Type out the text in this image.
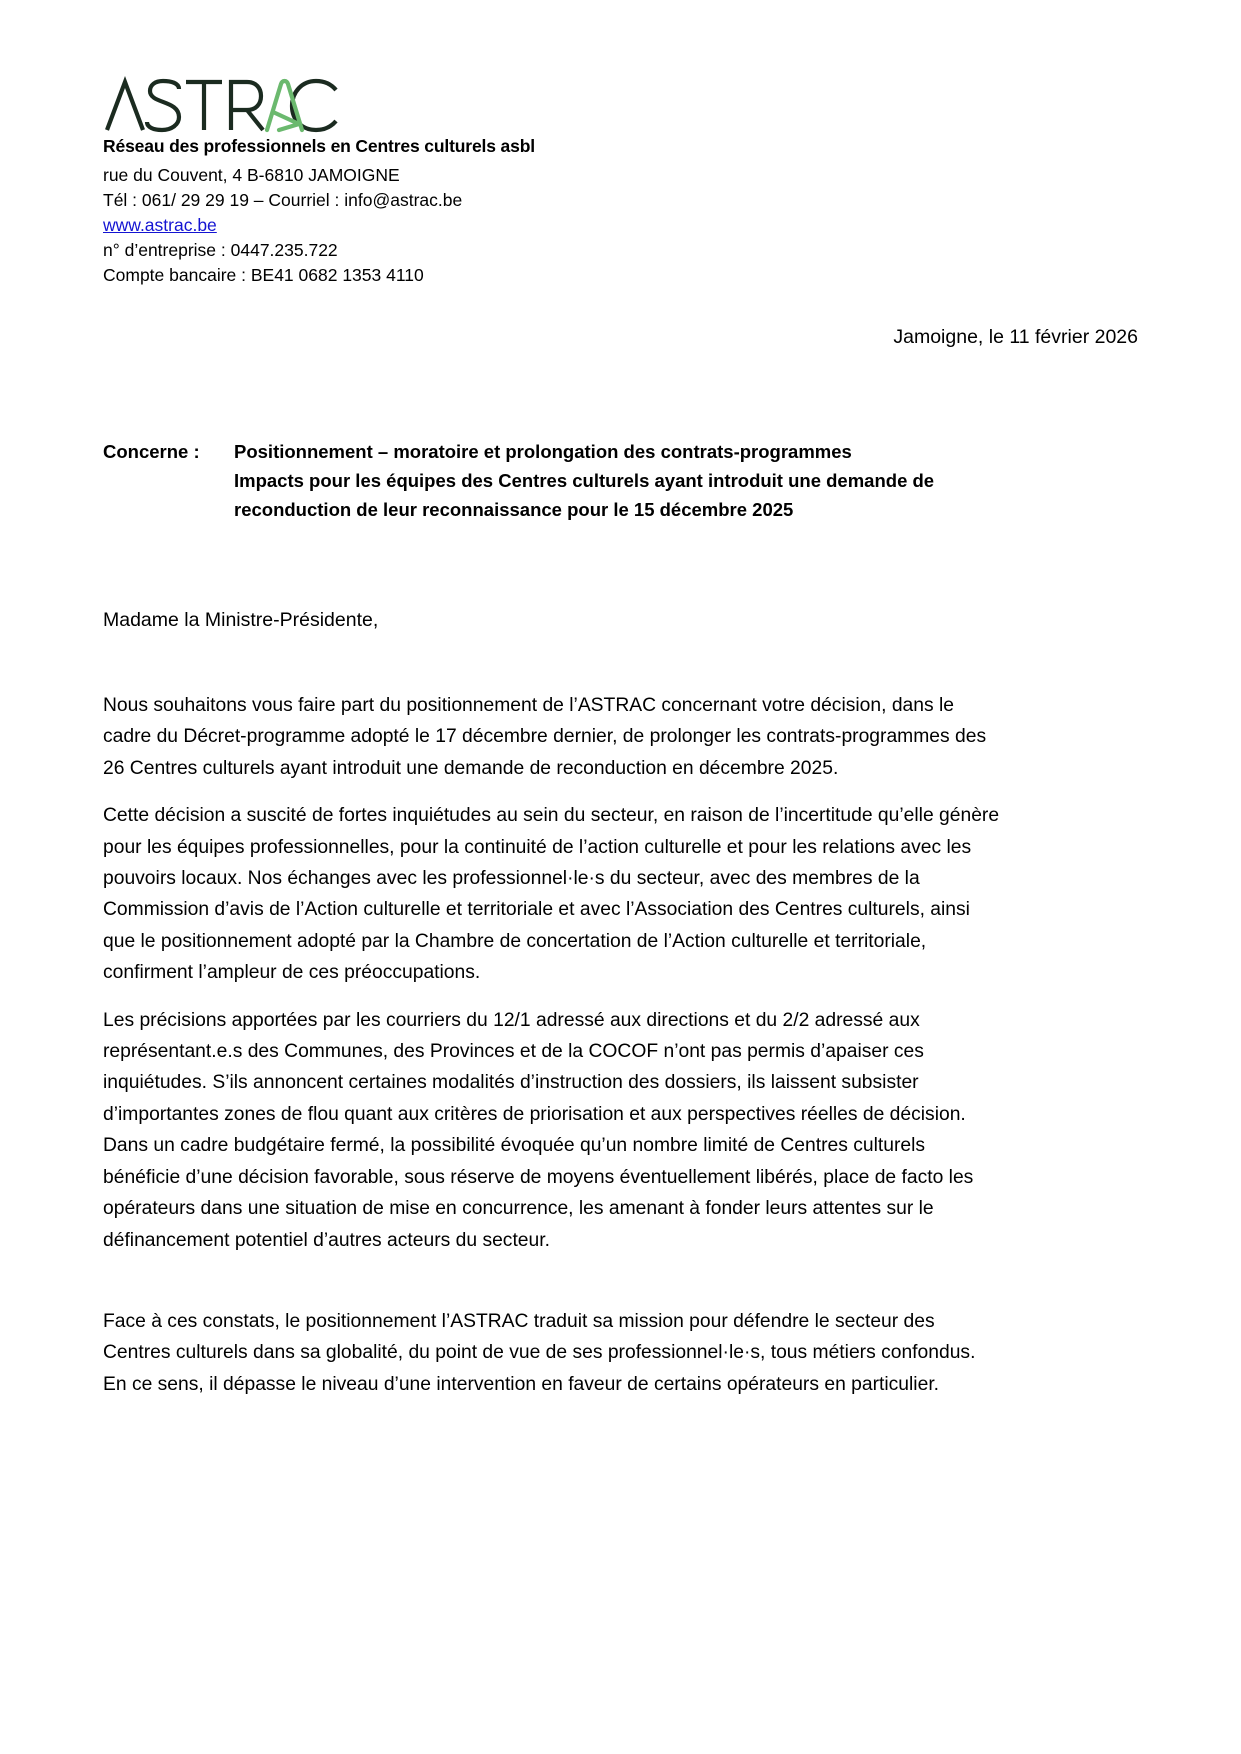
Réseau des professionnels en Centres culturels asbl
rue du Couvent, 4 B-6810 JAMOIGNE
Tél : 061/ 29 29 19 – Courriel : info@astrac.be
www.astrac.be
n° d’entreprise : 0447.235.722
Compte bancaire : BE41 0682 1353 4110
Jamoigne, le 11 février 2026
Concerne :	Positionnement – moratoire et prolongation des contrats-programmes
Impacts pour les équipes des Centres culturels ayant introduit une demande de
reconduction de leur reconnaissance pour le 15 décembre 2025
Madame la Ministre-Présidente,

Nous souhaitons vous faire part du positionnement de l’ASTRAC concernant votre décision, dans le cadre du Décret-programme adopté le 17 décembre dernier, de prolonger les contrats-programmes des 26 Centres culturels ayant introduit une demande de reconduction en décembre 2025.

Cette décision a suscité de fortes inquiétudes au sein du secteur, en raison de l’incertitude qu’elle génère pour les équipes professionnelles, pour la continuité de l’action culturelle et pour les relations avec les pouvoirs locaux. Nos échanges avec les professionnel·le·s du secteur, avec des membres de la Commission d’avis de l’Action culturelle et territoriale et avec l’Association des Centres culturels, ainsi que le positionnement adopté par la Chambre de concertation de l’Action culturelle et territoriale, confirment l’ampleur de ces préoccupations.

Les précisions apportées par les courriers du 12/1 adressé aux directions et du 2/2 adressé aux représentant.e.s des Communes, des Provinces et de la COCOF n’ont pas permis d’apaiser ces inquiétudes. S’ils annoncent certaines modalités d’instruction des dossiers, ils laissent subsister d’importantes zones de flou quant aux critères de priorisation et aux perspectives réelles de décision. Dans un cadre budgétaire fermé, la possibilité évoquée qu’un nombre limité de Centres culturels bénéficie d’une décision favorable, sous réserve de moyens éventuellement libérés, place de facto les opérateurs dans une situation de mise en concurrence, les amenant à fonder leurs attentes sur le définancement potentiel d’autres acteurs du secteur.

Face à ces constats, le positionnement l’ASTRAC traduit sa mission pour défendre le secteur des Centres culturels dans sa globalité, du point de vue de ses professionnel·le·s, tous métiers confondus. En ce sens, il dépasse le niveau d’une intervention en faveur de certains opérateurs en particulier.
